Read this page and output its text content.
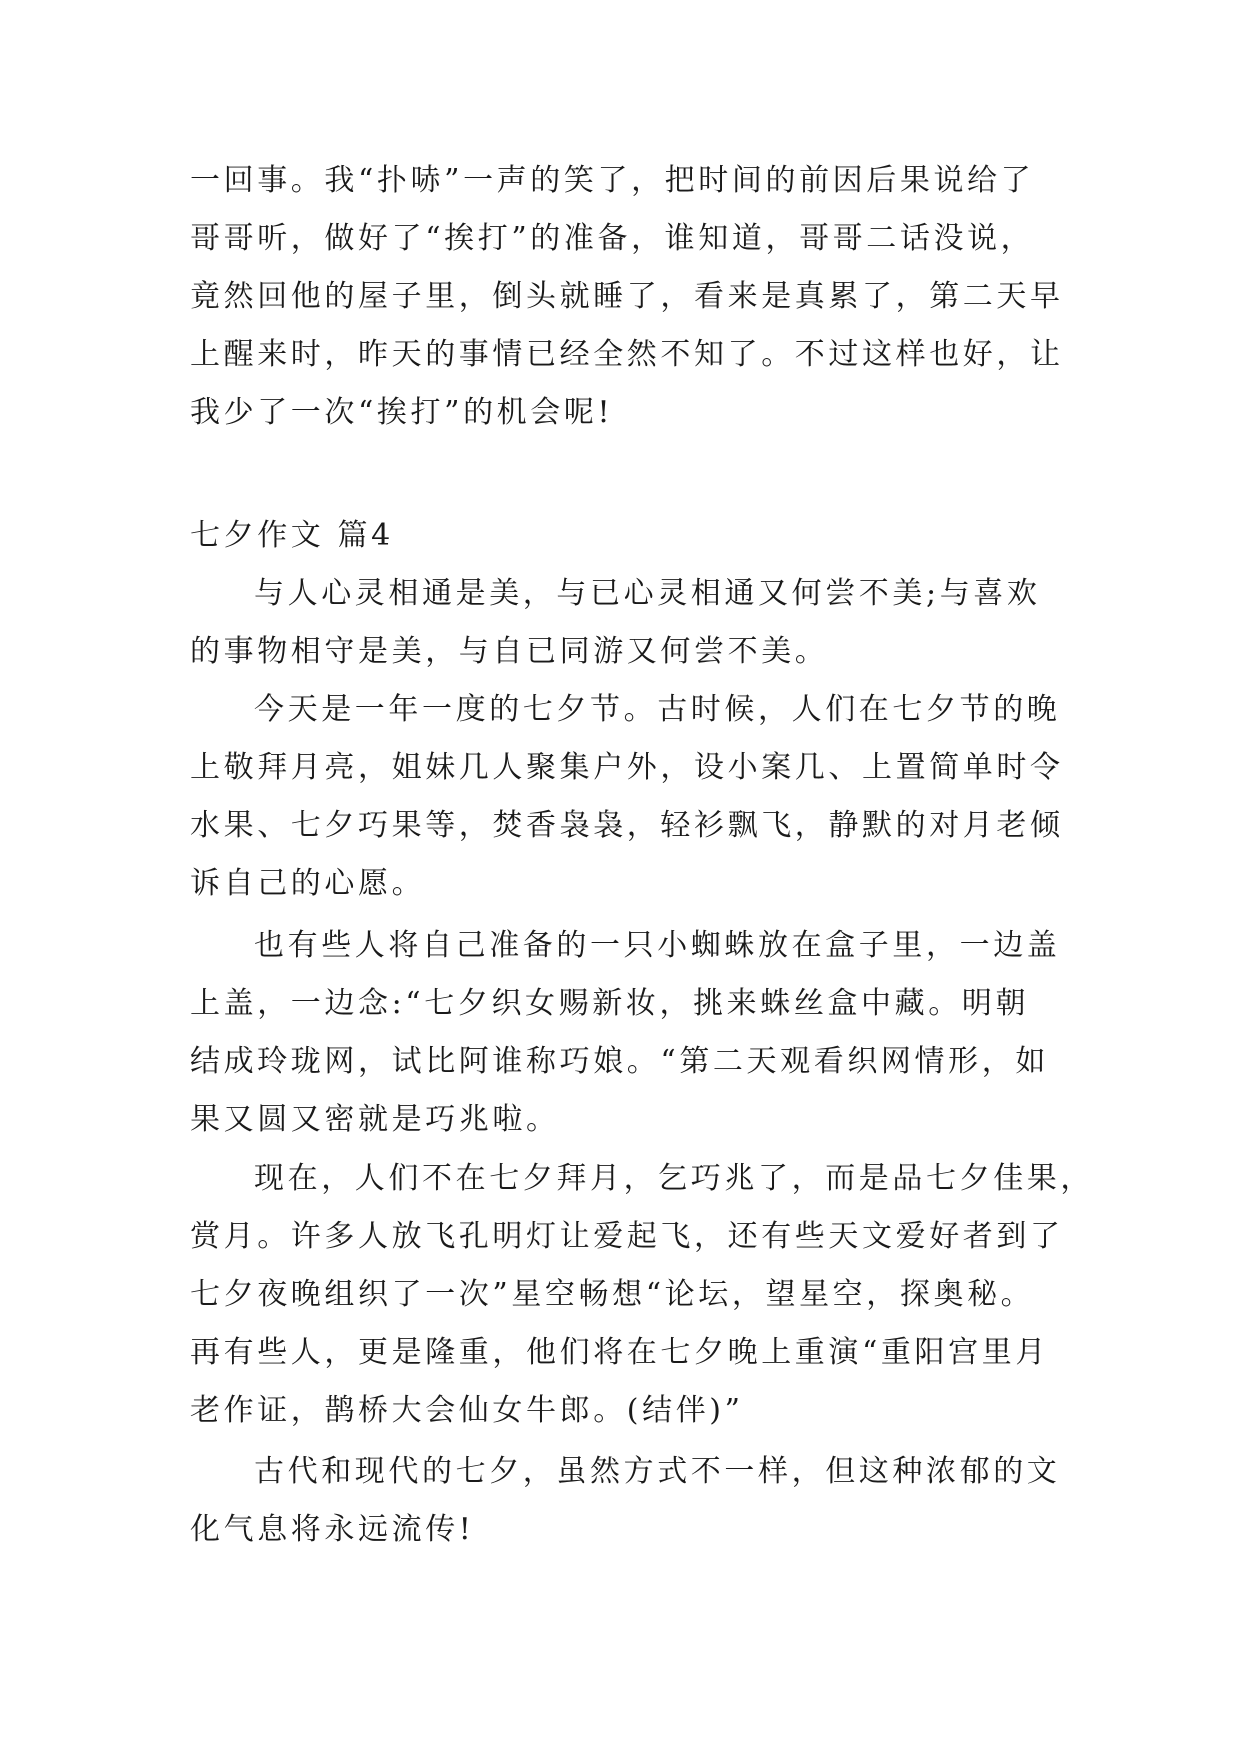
一回事。我“扑哧”一声的笑了，把时间的前因后果说给了
哥哥听，做好了“挨打”的准备，谁知道，哥哥二话没说，
竟然回他的屋子里，倒头就睡了，看来是真累了，第二天早
上醒来时，昨天的事情已经全然不知了。不过这样也好，让
我少了一次“挨打”的机会呢!
七夕作文 篇4
与人心灵相通是美，与已心灵相通又何尝不美;与喜欢
的事物相守是美，与自已同游又何尝不美。
今天是一年一度的七夕节。古时候，人们在七夕节的晚
上敬拜月亮，姐妹几人聚集户外，设小案几、上置简单时令
水果、七夕巧果等，焚香袅袅，轻衫飘飞，静默的对月老倾
诉自己的心愿。
也有些人将自己准备的一只小蜘蛛放在盒子里，一边盖
上盖，一边念:“七夕织女赐新妆，挑来蛛丝盒中藏。明朝
结成玲珑网，试比阿谁称巧娘。“第二天观看织网情形，如
果又圆又密就是巧兆啦。
现在，人们不在七夕拜月，乞巧兆了，而是品七夕佳果，
赏月。许多人放飞孔明灯让爱起飞，还有些天文爱好者到了
七夕夜晚组织了一次”星空畅想“论坛，望星空，探奥秘。
再有些人，更是隆重，他们将在七夕晚上重演“重阳宫里月
老作证，鹊桥大会仙女牛郎。(结伴)”
古代和现代的七夕，虽然方式不一样，但这种浓郁的文
化气息将永远流传!
